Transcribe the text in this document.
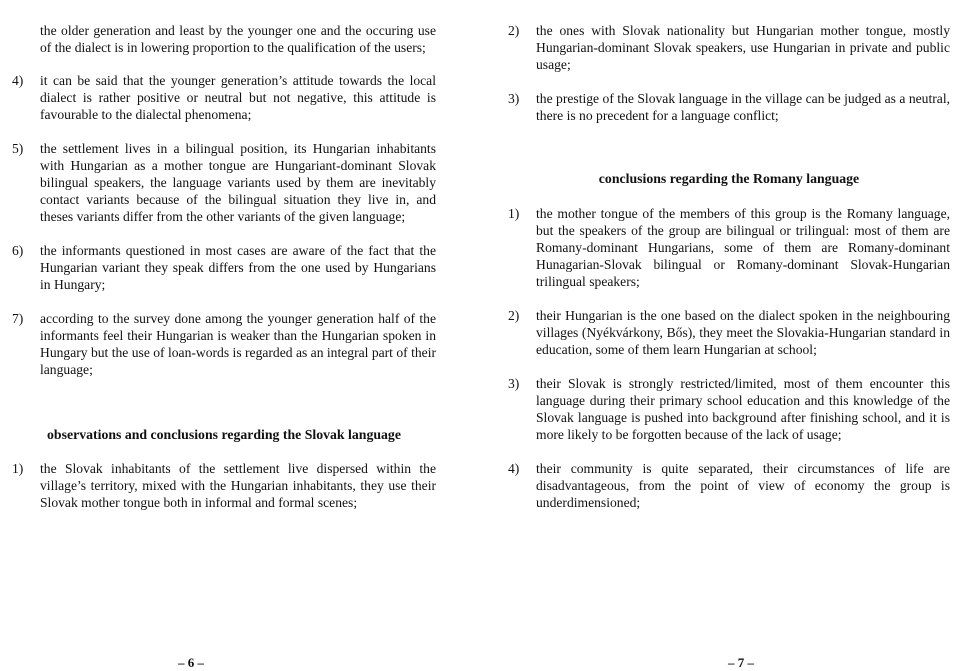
the older generation and least by the younger one and the occuring use of the dialect is in lowering proportion to the qualification of the users;
4)	it can be said that the younger generation’s attitude towards the local dialect is rather positive or neutral but not negative, this attitude is favourable to the dialectal phenomena;
5)	the settlement lives in a bilingual position, its Hungarian inhabitants with Hungarian as a mother tongue are Hungariant-dominant Slovak bilingual speakers, the language variants used by them are inevitably contact variants because of the bilingual situation they live in, and theses variants differ from the other variants of the given language;
6)	the informants questioned in most cases are aware of the fact that the Hungarian variant they speak differs from the one used by Hungarians in Hungary;
7)	according to the survey done among the younger generation half of the informants feel their Hungarian is weaker than the Hungarian spoken in Hungary but the use of loan-words is regarded as an integral part of their language;
observations and conclusions regarding the Slovak language
1)	the Slovak inhabitants of the settlement live dispersed within the village’s territory, mixed with the Hungarian inhabitants, they use their Slovak mother tongue both in informal and formal scenes;
– 6 –
2)	the ones with Slovak nationality but Hungarian mother tongue, mostly Hungarian-dominant Slovak speakers, use Hungarian in private and public usage;
3)	the prestige of the Slovak language in the village can be judged as a neutral, there is no precedent for a language conflict;
conclusions regarding the Romany language
1)	the mother tongue of the members of this group is the Romany language, but the speakers of the group are bilingual or trilingual: most of them are Romany-dominant Hungarians, some of them are Romany-dominant Hunagarian-Slovak bilingual or Romany-dominant Slovak-Hungarian trilingual speakers;
2)	their Hungarian is the one based on the dialect spoken in the neighbouring villages (Nyékvárkony, Bős), they meet the Slovakia-Hungarian standard in education, some of them learn Hungarian at school;
3)	their Slovak is strongly restricted/limited, most of them encounter this language during their primary school education and this knowledge of the Slovak language is pushed into background after finishing school, and it is more likely to be forgotten because of the lack of usage;
4)	their community is quite separated, their circumstances of life are disadvantageous, from the point of view of economy the group is underdimensioned;
– 7 –
